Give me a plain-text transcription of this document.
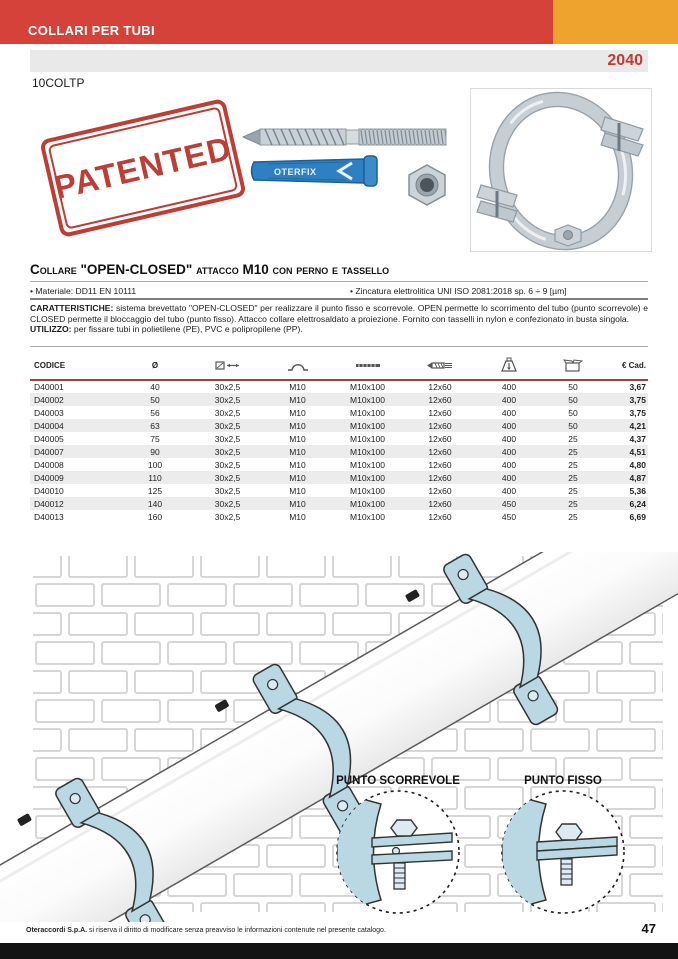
COLLARI PER TUBI
2040
10COLTP
PATENTED	OTERFIX
Collare "OPEN-CLOSED" attacco M10 con perno e tassello
• Materiale: DD11 EN 10111	• Zincatura elettrolitica UNI ISO 2081:2018 sp. 6 ÷ 9 [µm]
CARATTERISTICHE: sistema brevettato "OPEN-CLOSED" per realizzare il punto fisso e scorrevole. OPEN permette lo scorrimento del tubo (punto scorrevole) e CLOSED permette il bloccaggio del tubo (punto fisso). Attacco collare elettrosaldato a proiezione. Fornito con tasselli in nylon e confezionato in busta singola.
UTILIZZO: per fissare tubi in polietilene (PE), PVC e polipropilene (PP).
CODICE	Ø							€ Cad.
D40001	40	30x2,5	M10	M10x100	12x60	400	50	3,67
D40002	50	30x2,5	M10	M10x100	12x60	400	50	3,75
D40003	56	30x2,5	M10	M10x100	12x60	400	50	3,75
D40004	63	30x2,5	M10	M10x100	12x60	400	50	4,21
D40005	75	30x2,5	M10	M10x100	12x60	400	25	4,37
D40007	90	30x2,5	M10	M10x100	12x60	400	25	4,51
D40008	100	30x2,5	M10	M10x100	12x60	400	25	4,80
D40009	110	30x2,5	M10	M10x100	12x60	400	25	4,87
D40010	125	30x2,5	M10	M10x100	12x60	400	25	5,36
D40012	140	30x2,5	M10	M10x100	12x60	450	25	6,24
D40013	160	30x2,5	M10	M10x100	12x60	450	25	6,69
PUNTO SCORREVOLE	PUNTO FISSO
Oteraccordi S.p.A. si riserva il diritto di modificare senza preavviso le informazioni contenute nel presente catalogo.	47
